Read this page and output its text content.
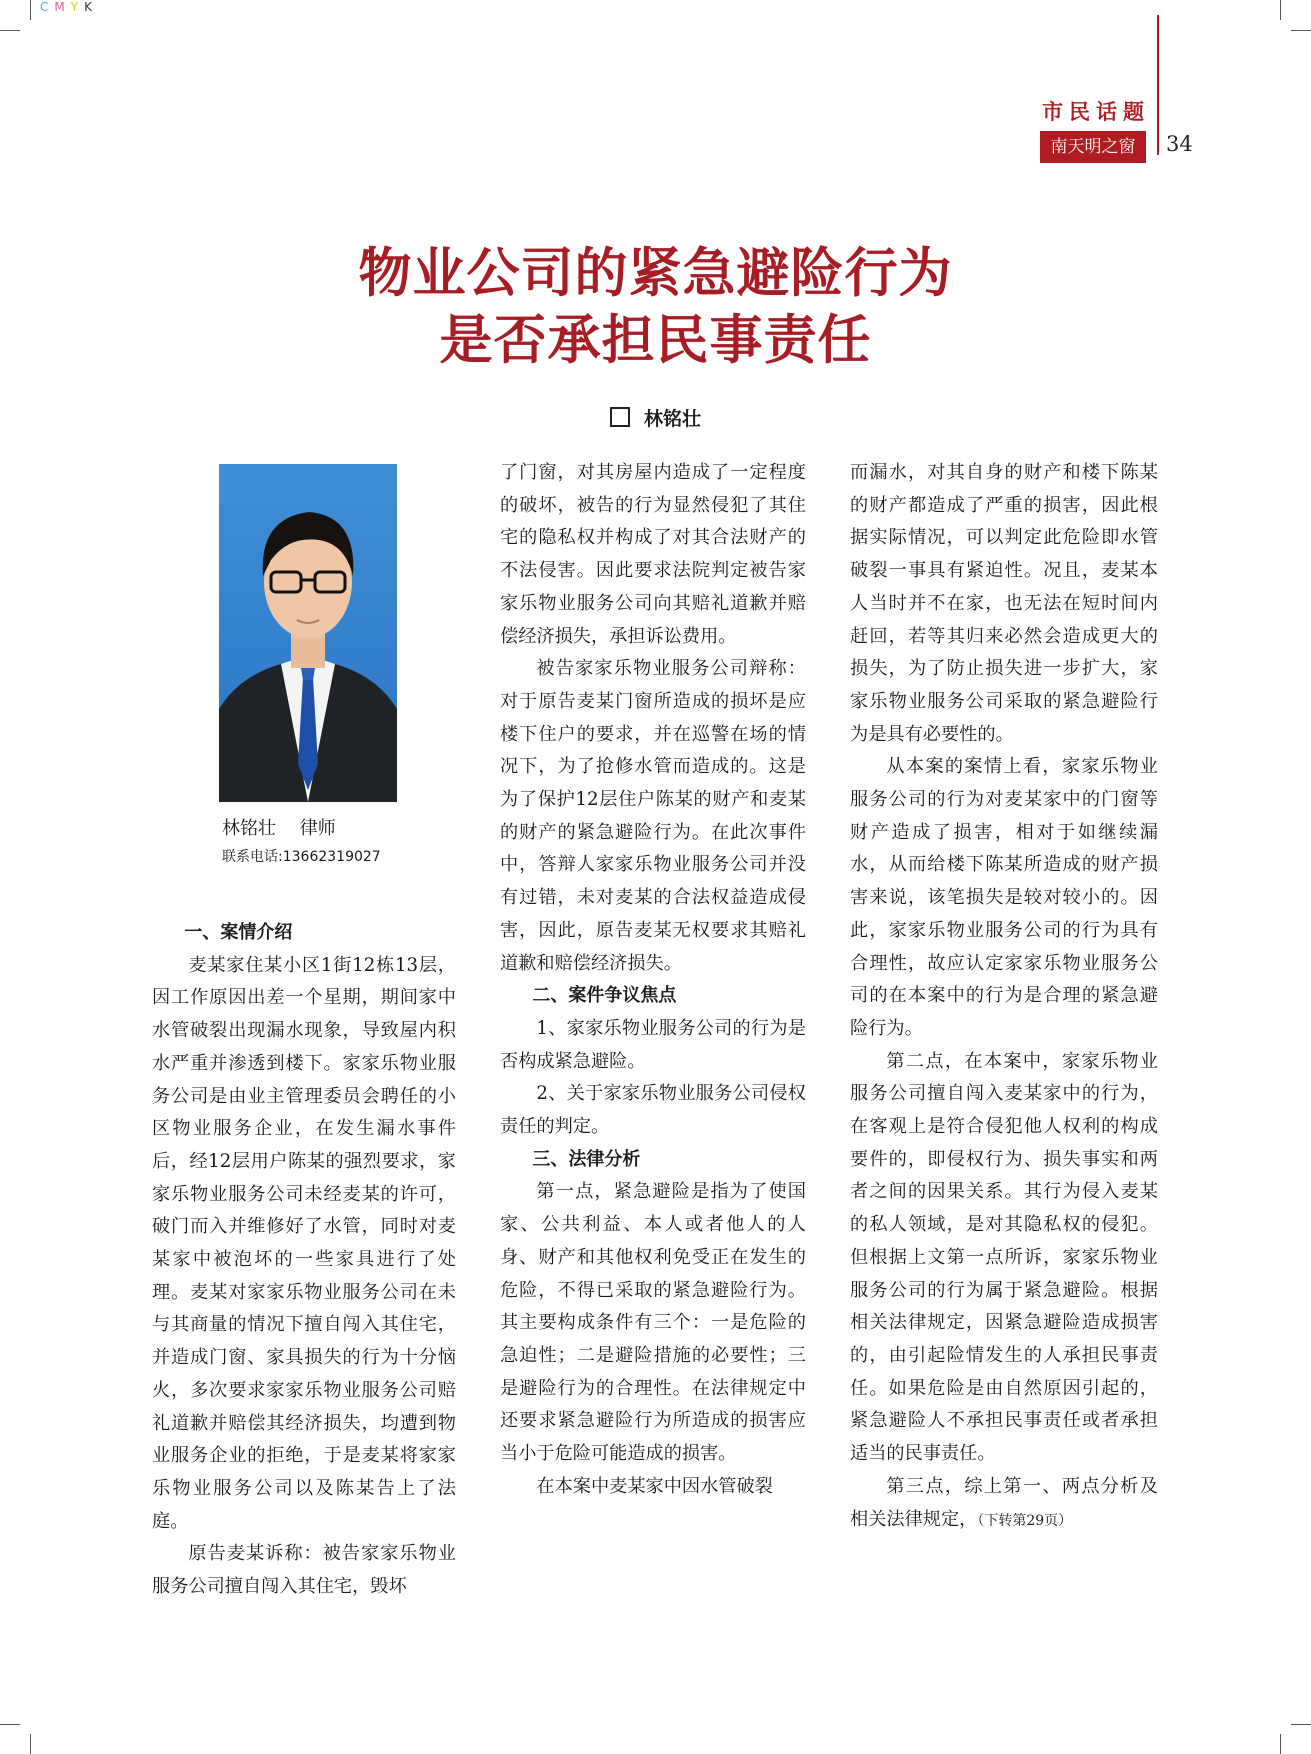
CMYK
市民话题
南天明之窗	34
物业公司的紧急避险行为
是否承担民事责任
林铭壮
林铭壮　 律师
联系电话:13662319027
一、案情介绍

麦某家住某小区1街12栋13层，因工作原因出差一个星期，期间家中水管破裂出现漏水现象，导致屋内积水严重并渗透到楼下。家家乐物业服务公司是由业主管理委员会聘任的小区物业服务企业，在发生漏水事件后，经12层用户陈某的强烈要求，家家乐物业服务公司未经麦某的许可，破门而入并维修好了水管，同时对麦某家中被泡坏的一些家具进行了处理。麦某对家家乐物业服务公司在未与其商量的情况下擅自闯入其住宅，并造成门窗、家具损失的行为十分恼火，多次要求家家乐物业服务公司赔礼道歉并赔偿其经济损失，均遭到物业服务企业的拒绝，于是麦某将家家乐物业服务公司以及陈某告上了法庭。

原告麦某诉称：被告家家乐物业服务公司擅自闯入其住宅，毁坏

了门窗，对其房屋内造成了一定程度的破坏，被告的行为显然侵犯了其住宅的隐私权并构成了对其合法财产的不法侵害。因此要求法院判定被告家家乐物业服务公司向其赔礼道歉并赔偿经济损失，承担诉讼费用。

被告家家乐物业服务公司辩称：对于原告麦某门窗所造成的损坏是应楼下住户的要求，并在巡警在场的情况下，为了抢修水管而造成的。这是为了保护12层住户陈某的财产和麦某的财产的紧急避险行为。在此次事件中，答辩人家家乐物业服务公司并没有过错，未对麦某的合法权益造成侵害，因此，原告麦某无权要求其赔礼道歉和赔偿经济损失。

二、案件争议焦点

1、家家乐物业服务公司的行为是否构成紧急避险。

2、关于家家乐物业服务公司侵权责任的判定。

三、法律分析

第一点，紧急避险是指为了使国家、公共利益、本人或者他人的人身、财产和其他权利免受正在发生的危险，不得已采取的紧急避险行为。其主要构成条件有三个：一是危险的急迫性；二是避险措施的必要性；三是避险行为的合理性。在法律规定中还要求紧急避险行为所造成的损害应当小于危险可能造成的损害。

在本案中麦某家中因水管破裂

而漏水，对其自身的财产和楼下陈某的财产都造成了严重的损害，因此根据实际情况，可以判定此危险即水管破裂一事具有紧迫性。况且，麦某本人当时并不在家，也无法在短时间内赶回，若等其归来必然会造成更大的损失，为了防止损失进一步扩大，家家乐物业服务公司采取的紧急避险行为是具有必要性的。

从本案的案情上看，家家乐物业服务公司的行为对麦某家中的门窗等财产造成了损害，相对于如继续漏水，从而给楼下陈某所造成的财产损害来说，该笔损失是较对较小的。因此，家家乐物业服务公司的行为具有合理性，故应认定家家乐物业服务公司的在本案中的行为是合理的紧急避险行为。

第二点，在本案中，家家乐物业服务公司擅自闯入麦某家中的行为，在客观上是符合侵犯他人权利的构成要件的，即侵权行为、损失事实和两者之间的因果关系。其行为侵入麦某的私人领域，是对其隐私权的侵犯。但根据上文第一点所诉，家家乐物业服务公司的行为属于紧急避险。根据相关法律规定，因紧急避险造成损害的，由引起险情发生的人承担民事责任。如果危险是由自然原因引起的，紧急避险人不承担民事责任或者承担适当的民事责任。

第三点，综上第一、两点分析及相关法律规定，（下转第29页）
